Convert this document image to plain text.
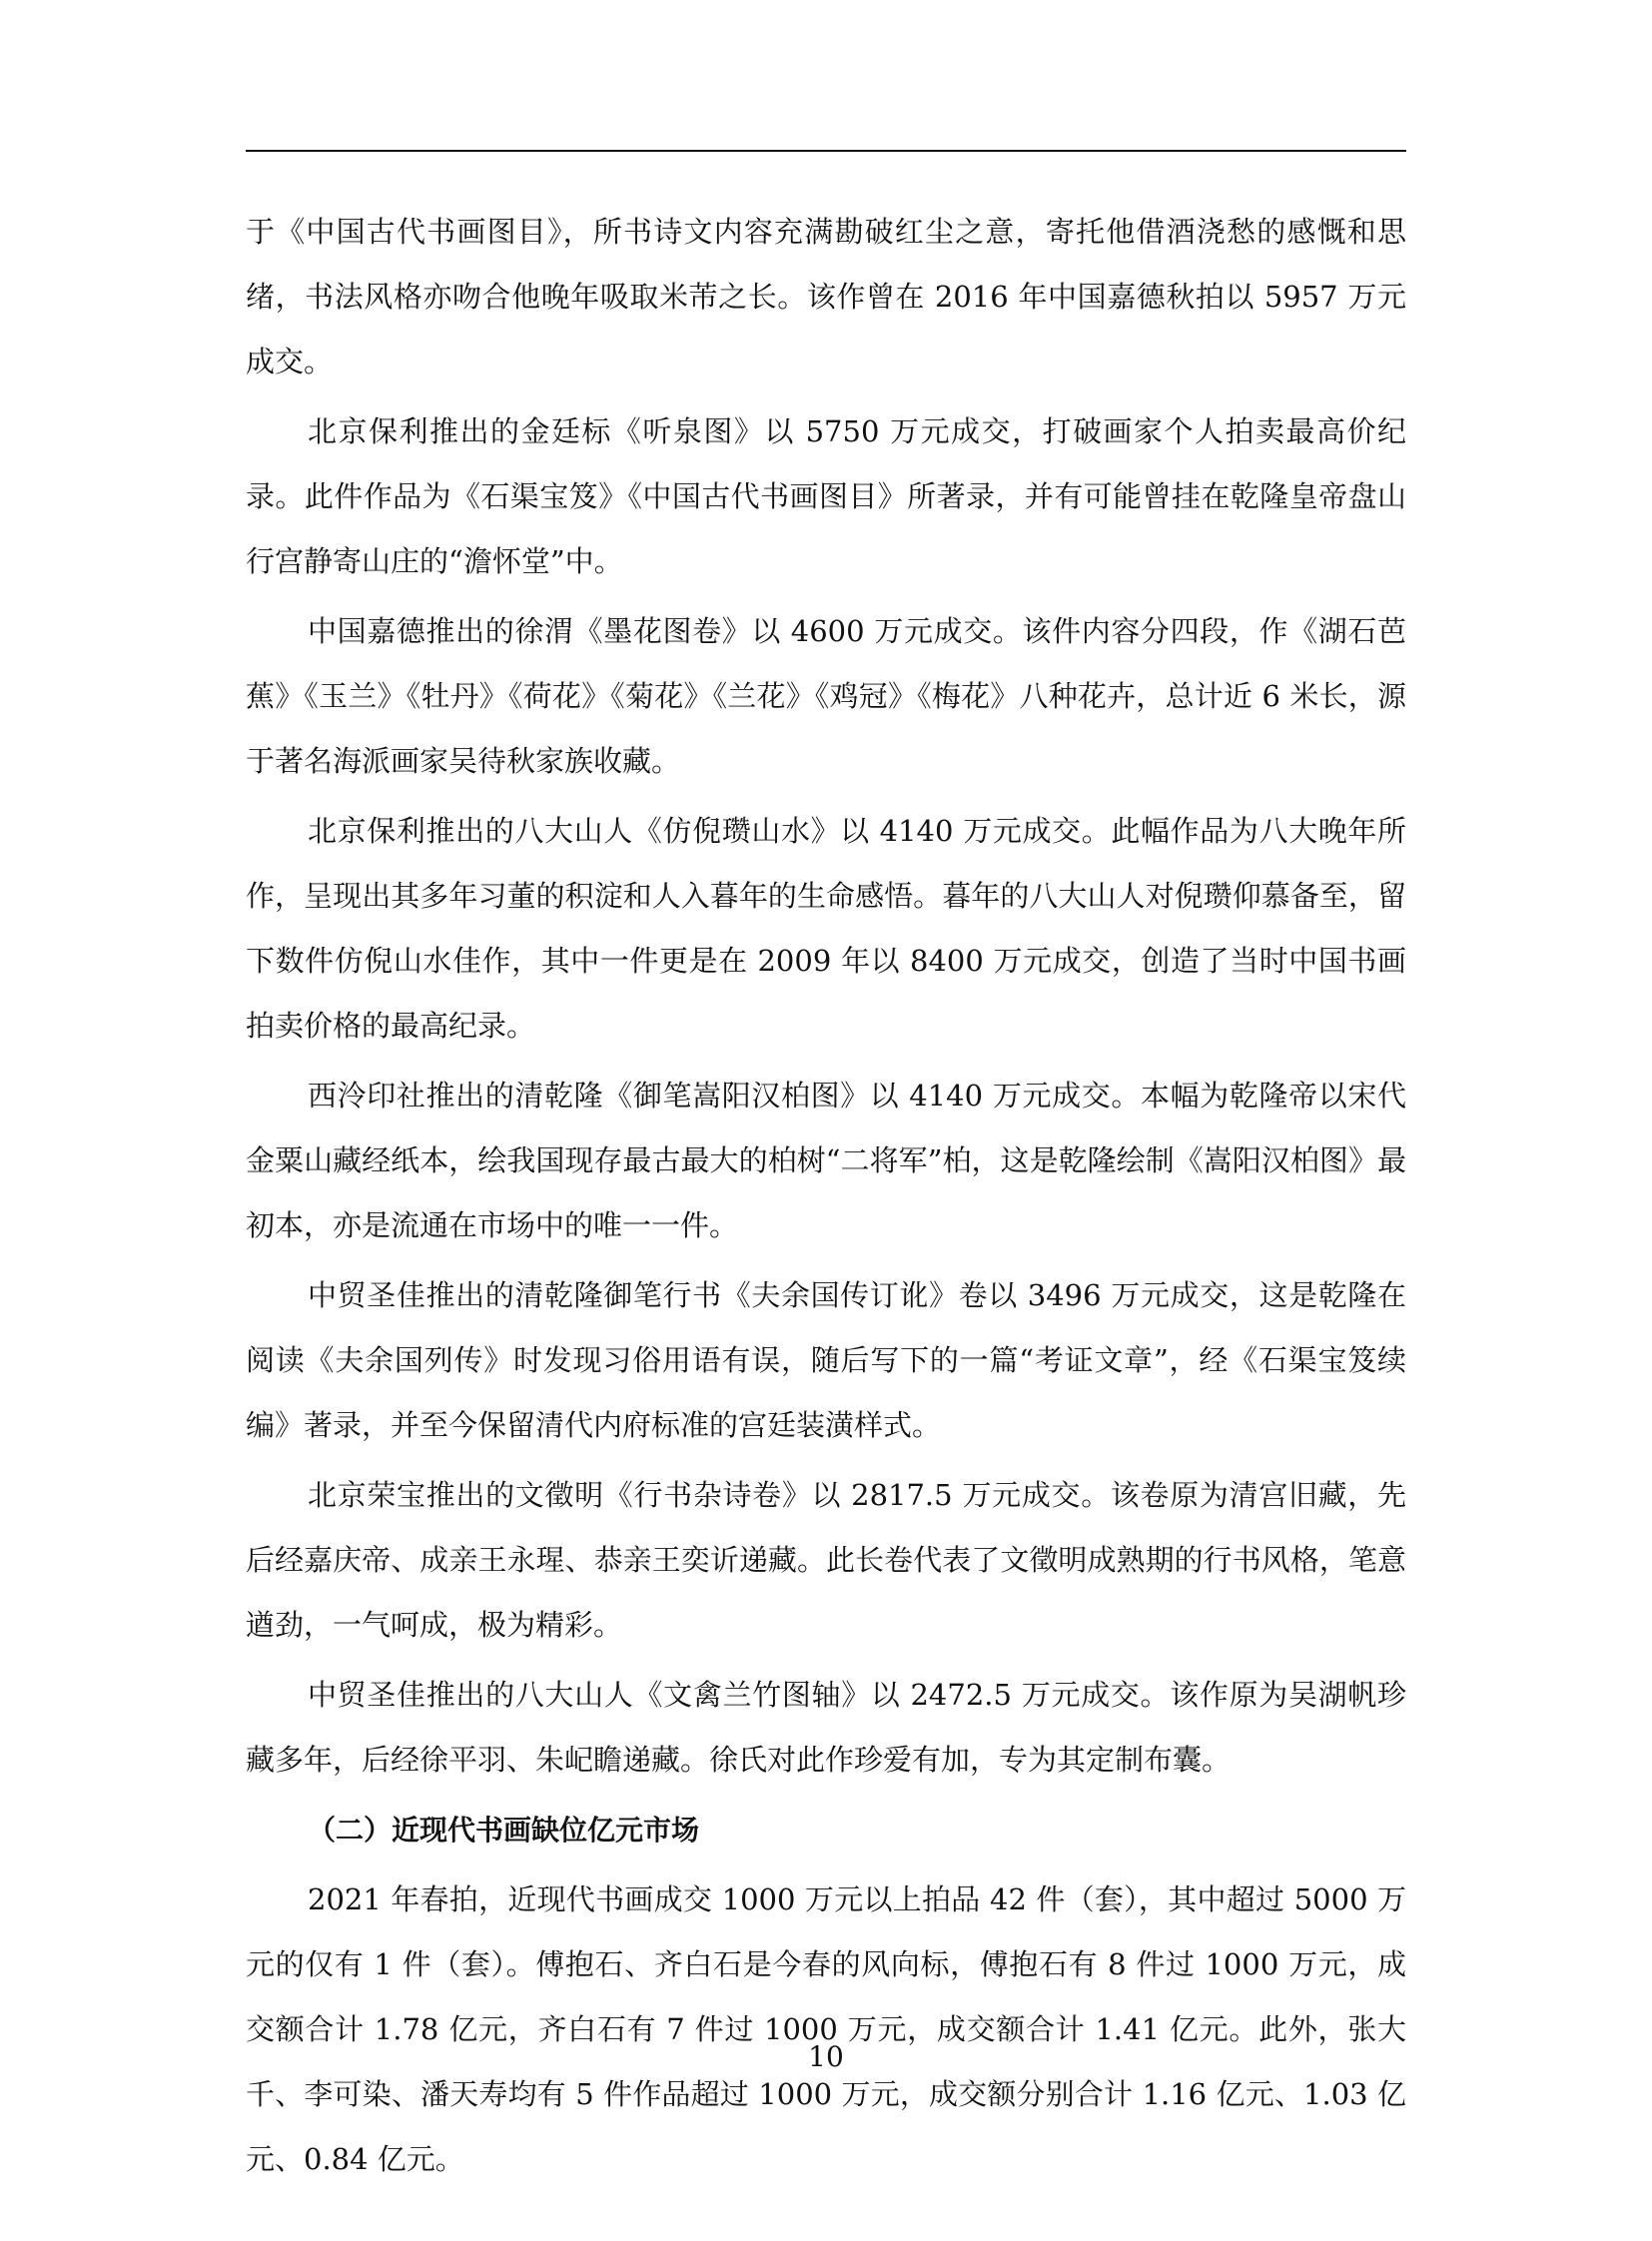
于《中国古代书画图目》，所书诗文内容充满勘破红尘之意，寄托他借酒浇愁的感慨和思绪，书法风格亦吻合他晚年吸取米芾之长。该作曾在 2016 年中国嘉德秋拍以 5957 万元成交。

北京保利推出的金廷标《听泉图》以 5750 万元成交，打破画家个人拍卖最高价纪录。此件作品为《石渠宝笈》《中国古代书画图目》所著录，并有可能曾挂在乾隆皇帝盘山行宫静寄山庄的“澹怀堂”中。

中国嘉德推出的徐渭《墨花图卷》以 4600 万元成交。该件内容分四段，作《湖石芭蕉》《玉兰》《牡丹》《荷花》《菊花》《兰花》《鸡冠》《梅花》八种花卉，总计近 6 米长，源于著名海派画家吴待秋家族收藏。

北京保利推出的八大山人《仿倪瓒山水》以 4140 万元成交。此幅作品为八大晚年所作，呈现出其多年习董的积淀和人入暮年的生命感悟。暮年的八大山人对倪瓒仰慕备至，留下数件仿倪山水佳作，其中一件更是在 2009 年以 8400 万元成交，创造了当时中国书画拍卖价格的最高纪录。

西泠印社推出的清乾隆《御笔嵩阳汉柏图》以 4140 万元成交。本幅为乾隆帝以宋代金粟山藏经纸本，绘我国现存最古最大的柏树“二将军”柏，这是乾隆绘制《嵩阳汉柏图》最初本，亦是流通在市场中的唯一一件。

中贸圣佳推出的清乾隆御笔行书《夫余国传订讹》卷以 3496 万元成交，这是乾隆在阅读《夫余国列传》时发现习俗用语有误，随后写下的一篇“考证文章”，经《石渠宝笈续编》著录，并至今保留清代内府标准的宫廷装潢样式。

北京荣宝推出的文徵明《行书杂诗卷》以 2817.5 万元成交。该卷原为清宫旧藏，先后经嘉庆帝、成亲王永瑆、恭亲王奕䜣递藏。此长卷代表了文徵明成熟期的行书风格，笔意遒劲，一气呵成，极为精彩。

中贸圣佳推出的八大山人《文禽兰竹图轴》以 2472.5 万元成交。该作原为吴湖帆珍藏多年，后经徐平羽、朱屺瞻递藏。徐氏对此作珍爱有加，专为其定制布囊。

（二）近现代书画缺位亿元市场

2021 年春拍，近现代书画成交 1000 万元以上拍品 42 件（套），其中超过 5000 万元的仅有 1 件（套）。傅抱石、齐白石是今春的风向标，傅抱石有 8 件过 1000 万元，成交额合计 1.78 亿元，齐白石有 7 件过 1000 万元，成交额合计 1.41 亿元。此外，张大千、李可染、潘天寿均有 5 件作品超过 1000 万元，成交额分别合计 1.16 亿元、1.03 亿元、0.84 亿元。

10
